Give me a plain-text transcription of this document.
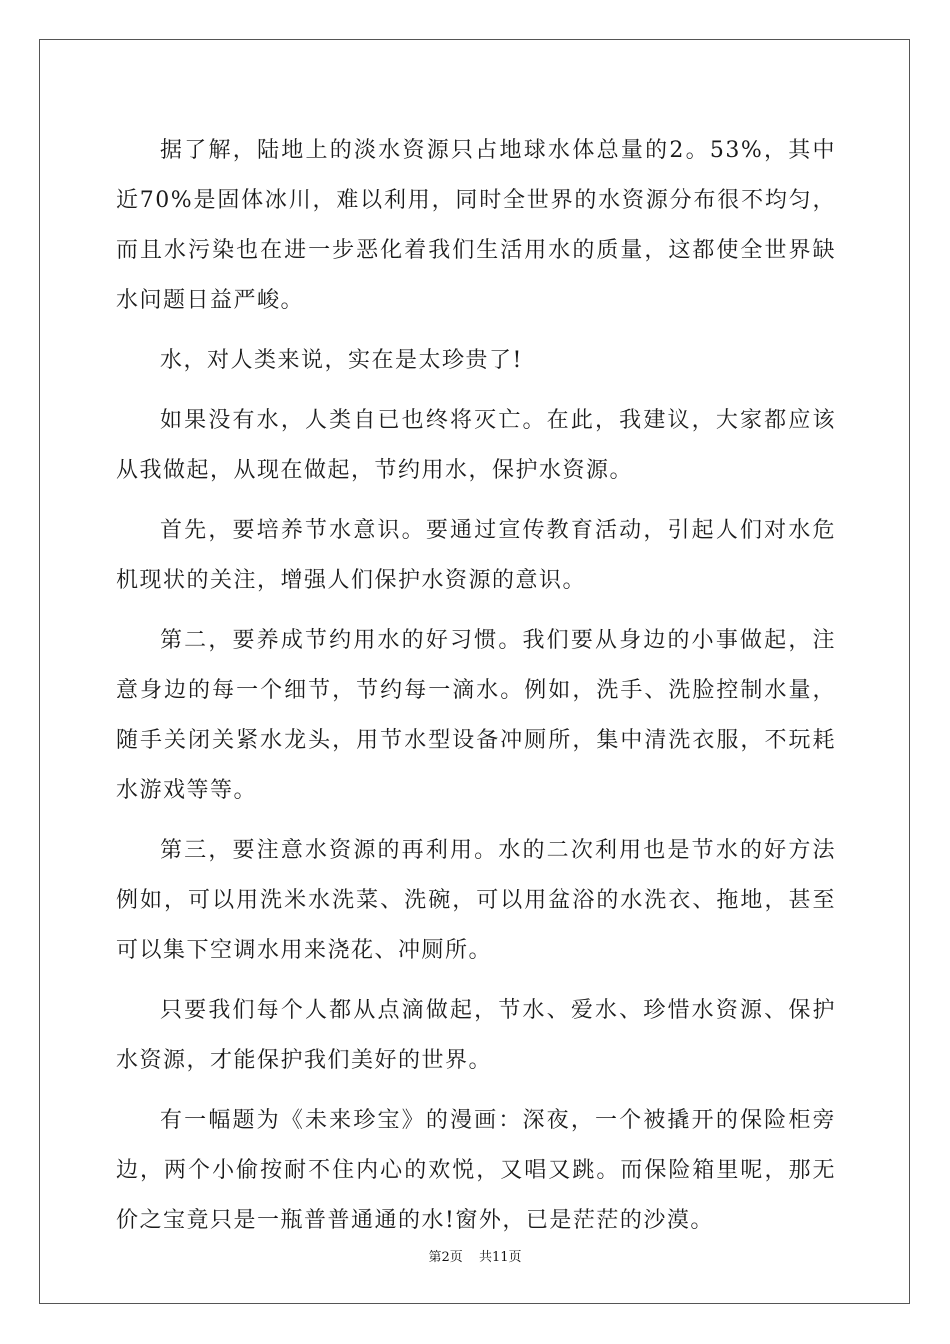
据了解，陆地上的淡水资源只占地球水体总量的2。53%，其中近70%是固体冰川，难以利用，同时全世界的水资源分布很不均匀，而且水污染也在进一步恶化着我们生活用水的质量，这都使全世界缺水问题日益严峻。

水，对人类来说，实在是太珍贵了!

如果没有水，人类自已也终将灭亡。在此，我建议，大家都应该从我做起，从现在做起，节约用水，保护水资源。

首先，要培养节水意识。要通过宣传教育活动，引起人们对水危机现状的关注，增强人们保护水资源的意识。

第二，要养成节约用水的好习惯。我们要从身边的小事做起，注意身边的每一个细节，节约每一滴水。例如，洗手、洗脸控制水量，随手关闭关紧水龙头，用节水型设备冲厕所，集中清洗衣服，不玩耗水游戏等等。

第三，要注意水资源的再利用。水的二次利用也是节水的好方法例如，可以用洗米水洗菜、洗碗，可以用盆浴的水洗衣、拖地，甚至可以集下空调水用来浇花、冲厕所。

只要我们每个人都从点滴做起，节水、爱水、珍惜水资源、保护水资源，才能保护我们美好的世界。

有一幅题为《未来珍宝》的漫画：深夜，一个被撬开的保险柜旁边，两个小偷按耐不住内心的欢悦，又唱又跳。而保险箱里呢，那无价之宝竟只是一瓶普普通通的水!窗外，已是茫茫的沙漠。

第2页 共11页
